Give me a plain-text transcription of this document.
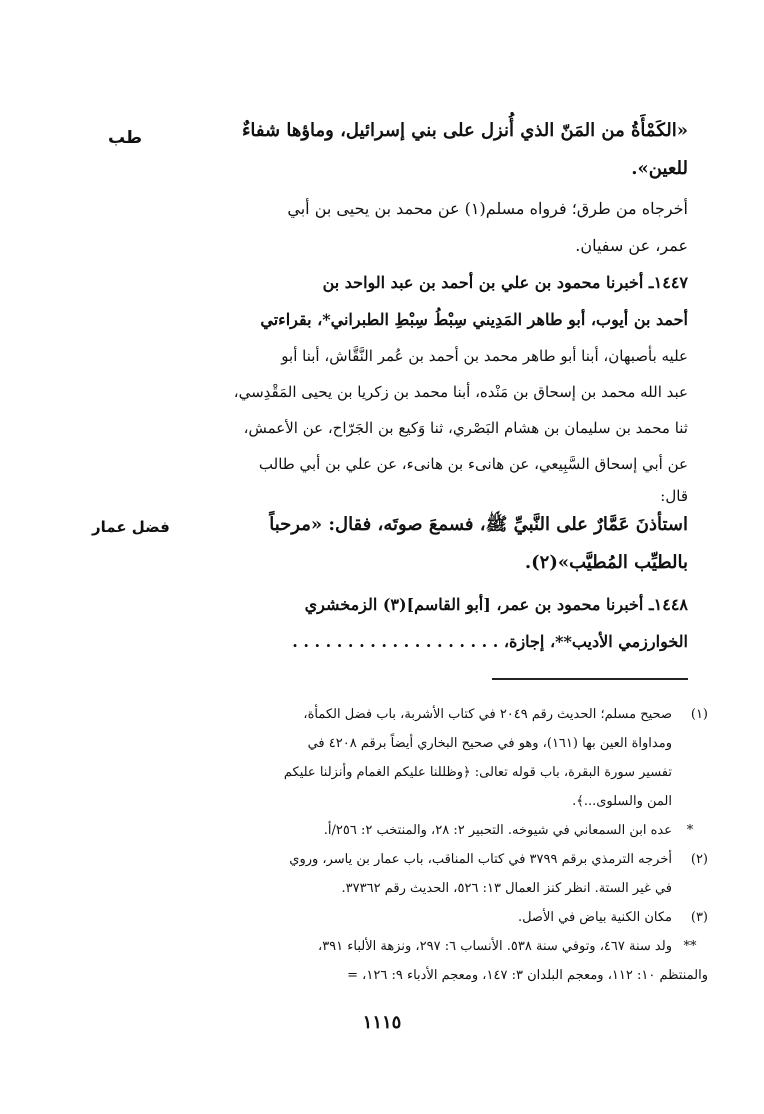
طب
فضل عمار
«الكَمْأَةُ من المَنّ الذي أُنزل على بني إسرائيل، وماؤها شفاءٌ
للعين».
أخرجاه من طرق؛ فرواه مسلم(١) عن محمد بن يحيى بن أبي
عمر، عن سفيان.
١٤٤٧ـ أخبرنا محمود بن علي بن أحمد بن عبد الواحد بن
أحمد بن أيوب، أبو طاهر المَدِيني سِبْطُ سِبْطِ الطبراني*، بقراءتي
عليه بأصبهان، أبنا أبو طاهر محمد بن أحمد بن عُمر النَّقَّاش، أبنا أبو
عبد الله محمد بن إسحاق بن مَنْده، أبنا محمد بن زكريا بن يحيى المَقْدِسي،
ثنا محمد بن سليمان بن هشام البَصْري، ثنا وَكيع بن الجَرّاح، عن الأعمش،
عن أبي إسحاق السَّبِيعي، عن هانىء بن هانىء، عن علي بن أبي طالب
قال:
استأذنَ عَمَّارٌ على النَّبيِّ ﷺ، فسمعَ صوتَه، فقال: «مرحباً
بالطيِّب المُطيَّب»(٢).
١٤٤٨ـ أخبرنا محمود بن عمر، [أبو القاسم](٣) الزمخشري
الخوارزمي الأديب**، إجازة، . . . . . . . . . . . . . . . . . . .
(١)صحيح مسلم؛ الحديث رقم ٢٠٤٩ في كتاب الأشربة، باب فضل الكمأة،
ومداواة العين بها (١٦١)، وهو في صحيح البخاري أيضاً برقم ٤٢٠٨ في
تفسير سورة البقرة، باب قوله تعالى: ﴿وظللنا عليكم الغمام وأنزلنا عليكم
المن والسلوى...﴾.
*عده ابن السمعاني في شيوخه. التحبير ٢: ٢٨، والمنتخب ٢: ٢٥٦/أ.
(٢)أخرجه الترمذي برقم ٣٧٩٩ في كتاب المناقب، باب عمار بن ياسر، وروي
في غير الستة. انظر كنز العمال ١٣: ٥٢٦، الحديث رقم ٣٧٣٦٢.
(٣)مكان الكنية بياض في الأصل.
**ولد سنة ٤٦٧، وتوفي سنة ٥٣٨. الأنساب ٦: ٢٩٧، ونزهة الألباء ٣٩١،
والمنتظم ١٠: ١١٢، ومعجم البلدان ٣: ١٤٧، ومعجم الأدباء ٩: ١٢٦، =
١١١٥
